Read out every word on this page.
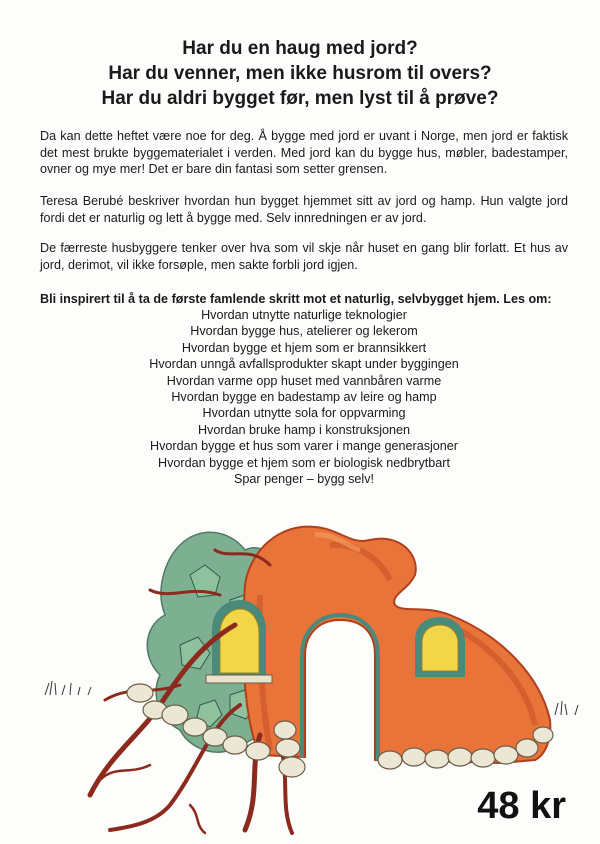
Har du en haug med jord?
Har du venner, men ikke husrom til overs?
Har du aldri bygget før, men lyst til å prøve?

Da kan dette heftet være noe for deg. Å bygge med jord er uvant i Norge, men jord er faktisk det mest brukte byggematerialet i verden. Med jord kan du bygge hus, møbler, badestamper, ovner og mye mer! Det er bare din fantasi som setter grensen.

Teresa Berubé beskriver hvordan hun bygget hjemmet sitt av jord og hamp. Hun valgte jord fordi det er naturlig og lett å bygge med. Selv innredningen er av jord.

De færreste husbyggere tenker over hva som vil skje når huset en gang blir forlatt. Et hus av jord, derimot, vil ikke forsøple, men sakte forbli jord igjen.

Bli inspirert til å ta de første famlende skritt mot et naturlig, selvbygget hjem. Les om:
Hvordan utnytte naturlige teknologier
Hvordan bygge hus, atelierer og lekerom
Hvordan bygge et hjem som er brannsikkert
Hvordan unngå avfallsprodukter skapt under byggingen
Hvordan varme opp huset med vannbåren varme
Hvordan bygge en badestamp av leire og hamp
Hvordan utnytte sola for oppvarming
Hvordan bruke hamp i konstruksjonen
Hvordan bygge et hus som varer i mange generasjoner
Hvordan bygge et hjem som er biologisk nedbrytbart
Spar penger – bygg selv!
48 kr
